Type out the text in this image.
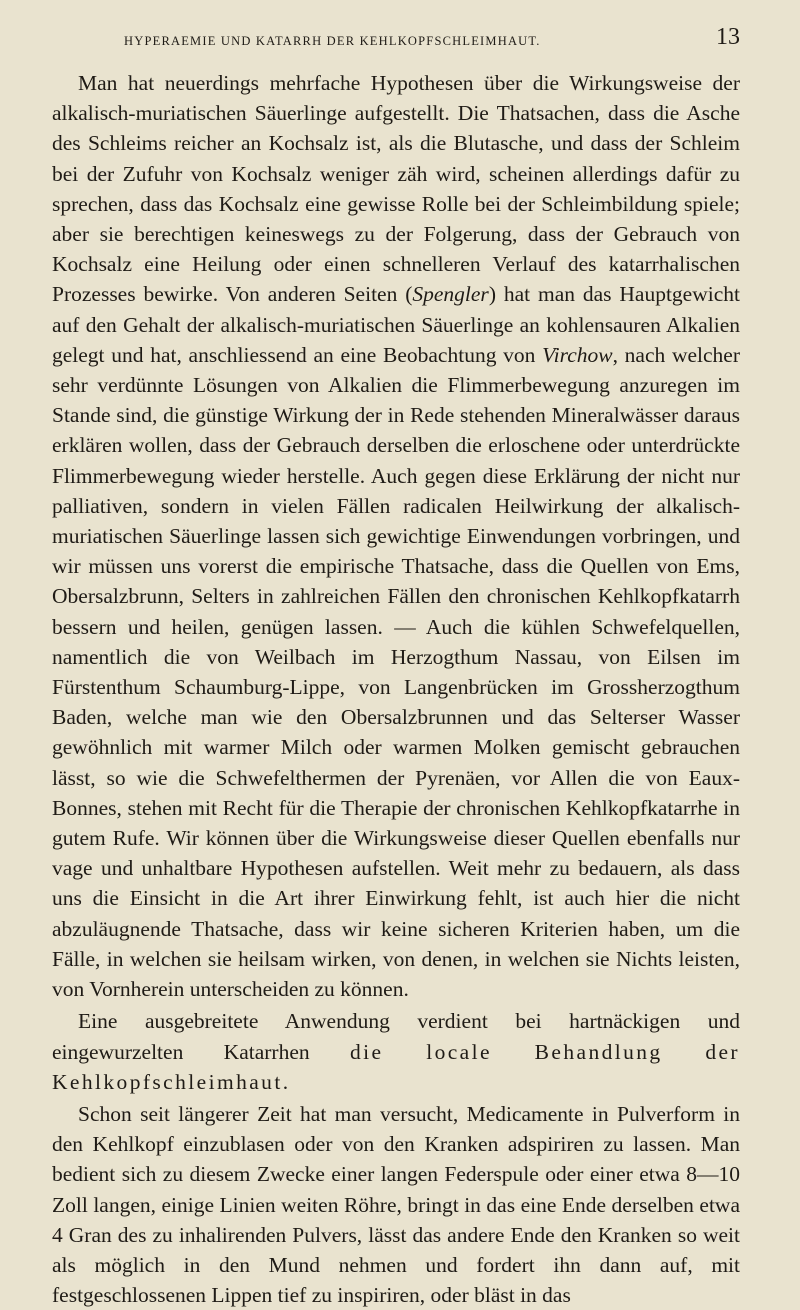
HYPERAEMIE UND KATARRH DER KEHLKOPFSCHLEIMHAUT.	13

Man hat neuerdings mehrfache Hypothesen über die Wirkungsweise der alkalisch-muriatischen Säuerlinge aufgestellt. Die Thatsachen, dass die Asche des Schleims reicher an Kochsalz ist, als die Blutasche, und dass der Schleim bei der Zufuhr von Kochsalz weniger zäh wird, scheinen allerdings dafür zu sprechen, dass das Kochsalz eine gewisse Rolle bei der Schleimbildung spiele; aber sie berechtigen keineswegs zu der Folgerung, dass der Gebrauch von Kochsalz eine Heilung oder einen schnelleren Verlauf des katarrhalischen Prozesses bewirke. Von anderen Seiten (Spengler) hat man das Hauptgewicht auf den Gehalt der alkalisch-muriatischen Säuerlinge an kohlensauren Alkalien gelegt und hat, anschliessend an eine Beobachtung von Virchow, nach welcher sehr verdünnte Lösungen von Alkalien die Flimmerbewegung anzuregen im Stande sind, die günstige Wirkung der in Rede stehenden Mineralwässer daraus erklären wollen, dass der Gebrauch derselben die erloschene oder unterdrückte Flimmerbewegung wieder herstelle. Auch gegen diese Erklärung der nicht nur palliativen, sondern in vielen Fällen radicalen Heilwirkung der alkalisch-muriatischen Säuerlinge lassen sich gewichtige Einwendungen vorbringen, und wir müssen uns vorerst die empirische Thatsache, dass die Quellen von Ems, Obersalzbrunn, Selters in zahlreichen Fällen den chronischen Kehlkopfkatarrh bessern und heilen, genügen lassen. — Auch die kühlen Schwefelquellen, namentlich die von Weilbach im Herzogthum Nassau, von Eilsen im Fürstenthum Schaumburg-Lippe, von Langenbrücken im Grossherzogthum Baden, welche man wie den Obersalzbrunnen und das Selterser Wasser gewöhnlich mit warmer Milch oder warmen Molken gemischt gebrauchen lässt, so wie die Schwefelthermen der Pyrenäen, vor Allen die von Eaux-Bonnes, stehen mit Recht für die Therapie der chronischen Kehlkopfkatarrhe in gutem Rufe. Wir können über die Wirkungsweise dieser Quellen ebenfalls nur vage und unhaltbare Hypothesen aufstellen. Weit mehr zu bedauern, als dass uns die Einsicht in die Art ihrer Einwirkung fehlt, ist auch hier die nicht abzuläugnende Thatsache, dass wir keine sicheren Kriterien haben, um die Fälle, in welchen sie heilsam wirken, von denen, in welchen sie Nichts leisten, von Vornherein unterscheiden zu können.

Eine ausgebreitete Anwendung verdient bei hartnäckigen und eingewurzelten Katarrhen die locale Behandlung der Kehlkopfschleimhaut.

Schon seit längerer Zeit hat man versucht, Medicamente in Pulverform in den Kehlkopf einzublasen oder von den Kranken adspiriren zu lassen. Man bedient sich zu diesem Zwecke einer langen Federspule oder einer etwa 8—10 Zoll langen, einige Linien weiten Röhre, bringt in das eine Ende derselben etwa 4 Gran des zu inhalirenden Pulvers, lässt das andere Ende den Kranken so weit als möglich in den Mund nehmen und fordert ihn dann auf, mit festgeschlossenen Lippen tief zu inspiriren, oder bläst in das
